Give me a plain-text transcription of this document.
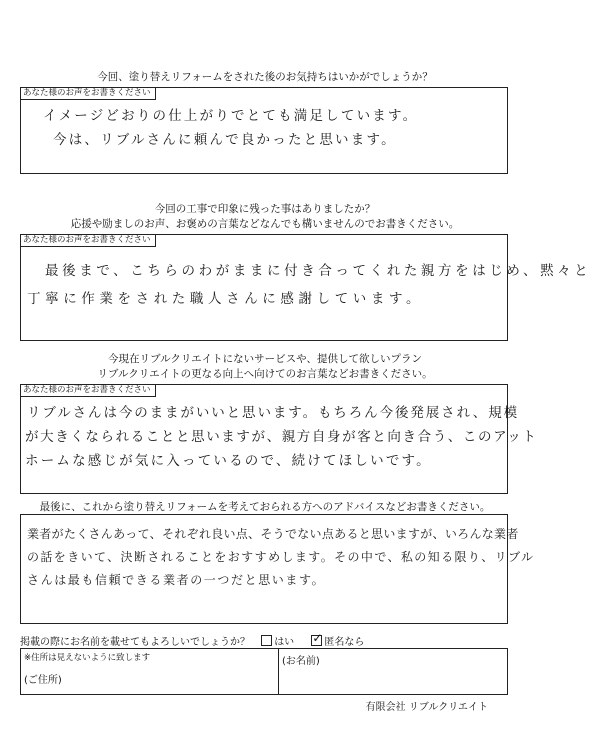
今回、塗り替えリフォームをされた後のお気持ちはいかがでしょうか？
あなた様のお声をお書きください
イメージどおりの仕上がりでとても満足しています。
今は、リブルさんに頼んで良かったと思います。
今回の工事で印象に残った事はありましたか？
応援や励ましのお声、お褒めの言葉などなんでも構いませんのでお書きください。
あなた様のお声をお書きください
最後まで、こちらのわがままに付き合ってくれた親方をはじめ、黙々と
丁寧に作業をされた職人さんに感謝しています。
今現在リブルクリエイトにないサービスや、提供して欲しいプラン
リブルクリエイトの更なる向上へ向けてのお言葉などお書きください。
あなた様のお声をお書きください
リブルさんは今のままがいいと思います。もちろん今後発展され、規模
が大きくなられることと思いますが、親方自身が客と向き合う、このアット
ホームな感じが気に入っているので、続けてほしいです。
最後に、これから塗り替えリフォームを考えておられる方へのアドバイスなどお書きください。
業者がたくさんあって、それぞれ良い点、そうでない点あると思いますが、いろんな業者
の話をきいて、決断されることをおすすめします。その中で、私の知る限り、リブル
さんは最も信頼できる業者の一つだと思います。
掲載の際にお名前を載せてもよろしいでしょうか？ はい ✓	匿名なら
※住所は見えないように致します
(ご住所)
(お名前)
有限会社 リブルクリエイト
